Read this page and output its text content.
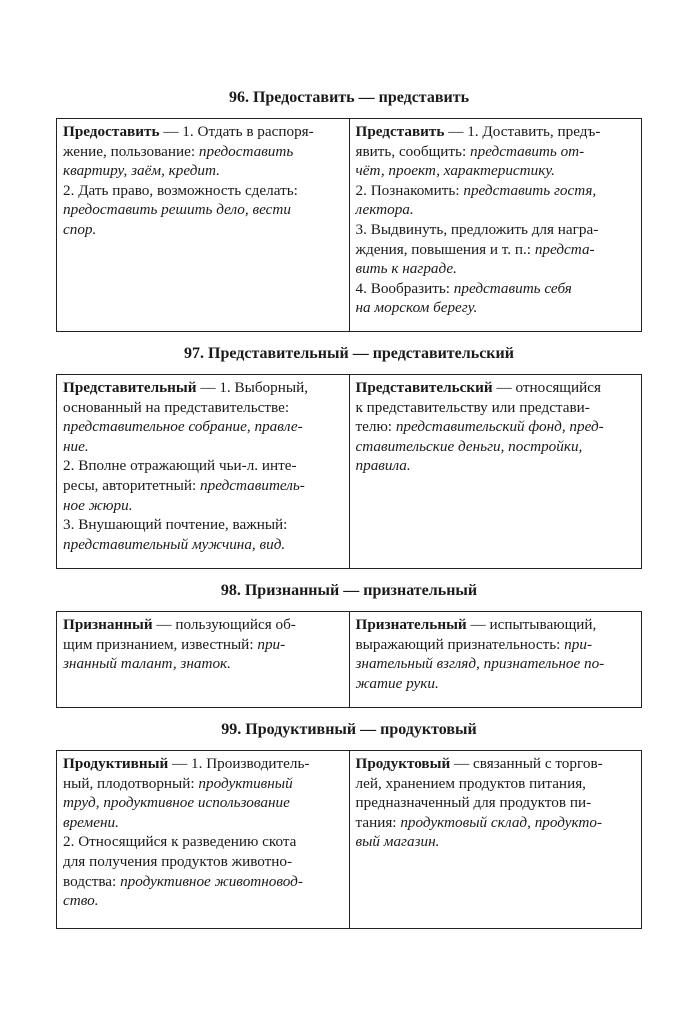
96. Предоставить — представить
Предоставить — 1. Отдать в распоря-
жение, пользование: предоставить
квартиру, заём, кредит.
2. Дать право, возможность сделать:
предоставить решить дело, вести
спор.

Представить — 1. Доставить, предъ-
явить, сообщить: представить от-
чёт, проект, характеристику.
2. Познакомить: представить гостя,
лектора.
3. Выдвинуть, предложить для награ-
ждения, повышения и т. п.: предста-
вить к награде.
4. Вообразить: представить себя
на морском берегу.
97. Представительный — представительский
Представительный — 1. Выборный,
основанный на представительстве:
представительное собрание, правле-
ние.
2. Вполне отражающий чьи-л. инте-
ресы, авторитетный: представитель-
ное жюри.
3. Внушающий почтение, важный:
представительный мужчина, вид.

Представительский — относящийся
к представительству или представи-
телю: представительский фонд, пред-
ставительские деньги, постройки,
правила.
98. Признанный — признательный
Признанный — пользующийся об-
щим признанием, известный: при-
знанный талант, знаток.

Признательный — испытывающий,
выражающий признательность: при-
знательный взгляд, признательное по-
жатие руки.
99. Продуктивный — продуктовый
Продуктивный — 1. Производитель-
ный, плодотворный: продуктивный
труд, продуктивное использование
времени.
2. Относящийся к разведению скота
для получения продуктов животно-
водства: продуктивное животновод-
ство.

Продуктовый — связанный с торгов-
лей, хранением продуктов питания,
предназначенный для продуктов пи-
тания: продуктовый склад, продукто-
вый магазин.
